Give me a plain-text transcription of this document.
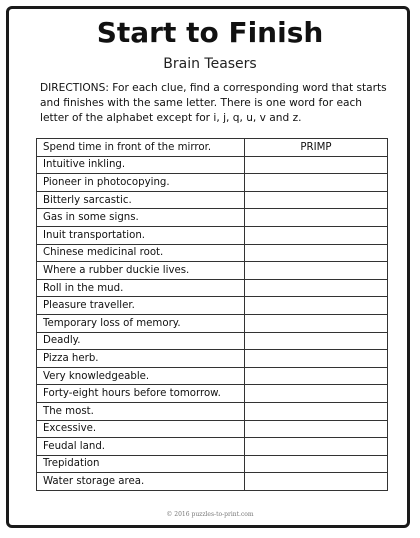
Start to Finish
Brain Teasers
DIRECTIONS: For each clue, find a corresponding word that starts and finishes with the same letter. There is one word for each letter of the alphabet except for i, j, q, u, v and z.
Spend time in front of the mirror.	PRIMP
Intuitive inkling.	
Pioneer in photocopying.	
Bitterly sarcastic.	
Gas in some signs.	
Inuit transportation.	
Chinese medicinal root.	
Where a rubber duckie lives.	
Roll in the mud.	
Pleasure traveller.	
Temporary loss of memory.	
Deadly.	
Pizza herb.	
Very knowledgeable.	
Forty-eight hours before tomorrow.	
The most.	
Excessive.	
Feudal land.	
Trepidation	
Water storage area.	
© 2016 puzzles-to-print.com
